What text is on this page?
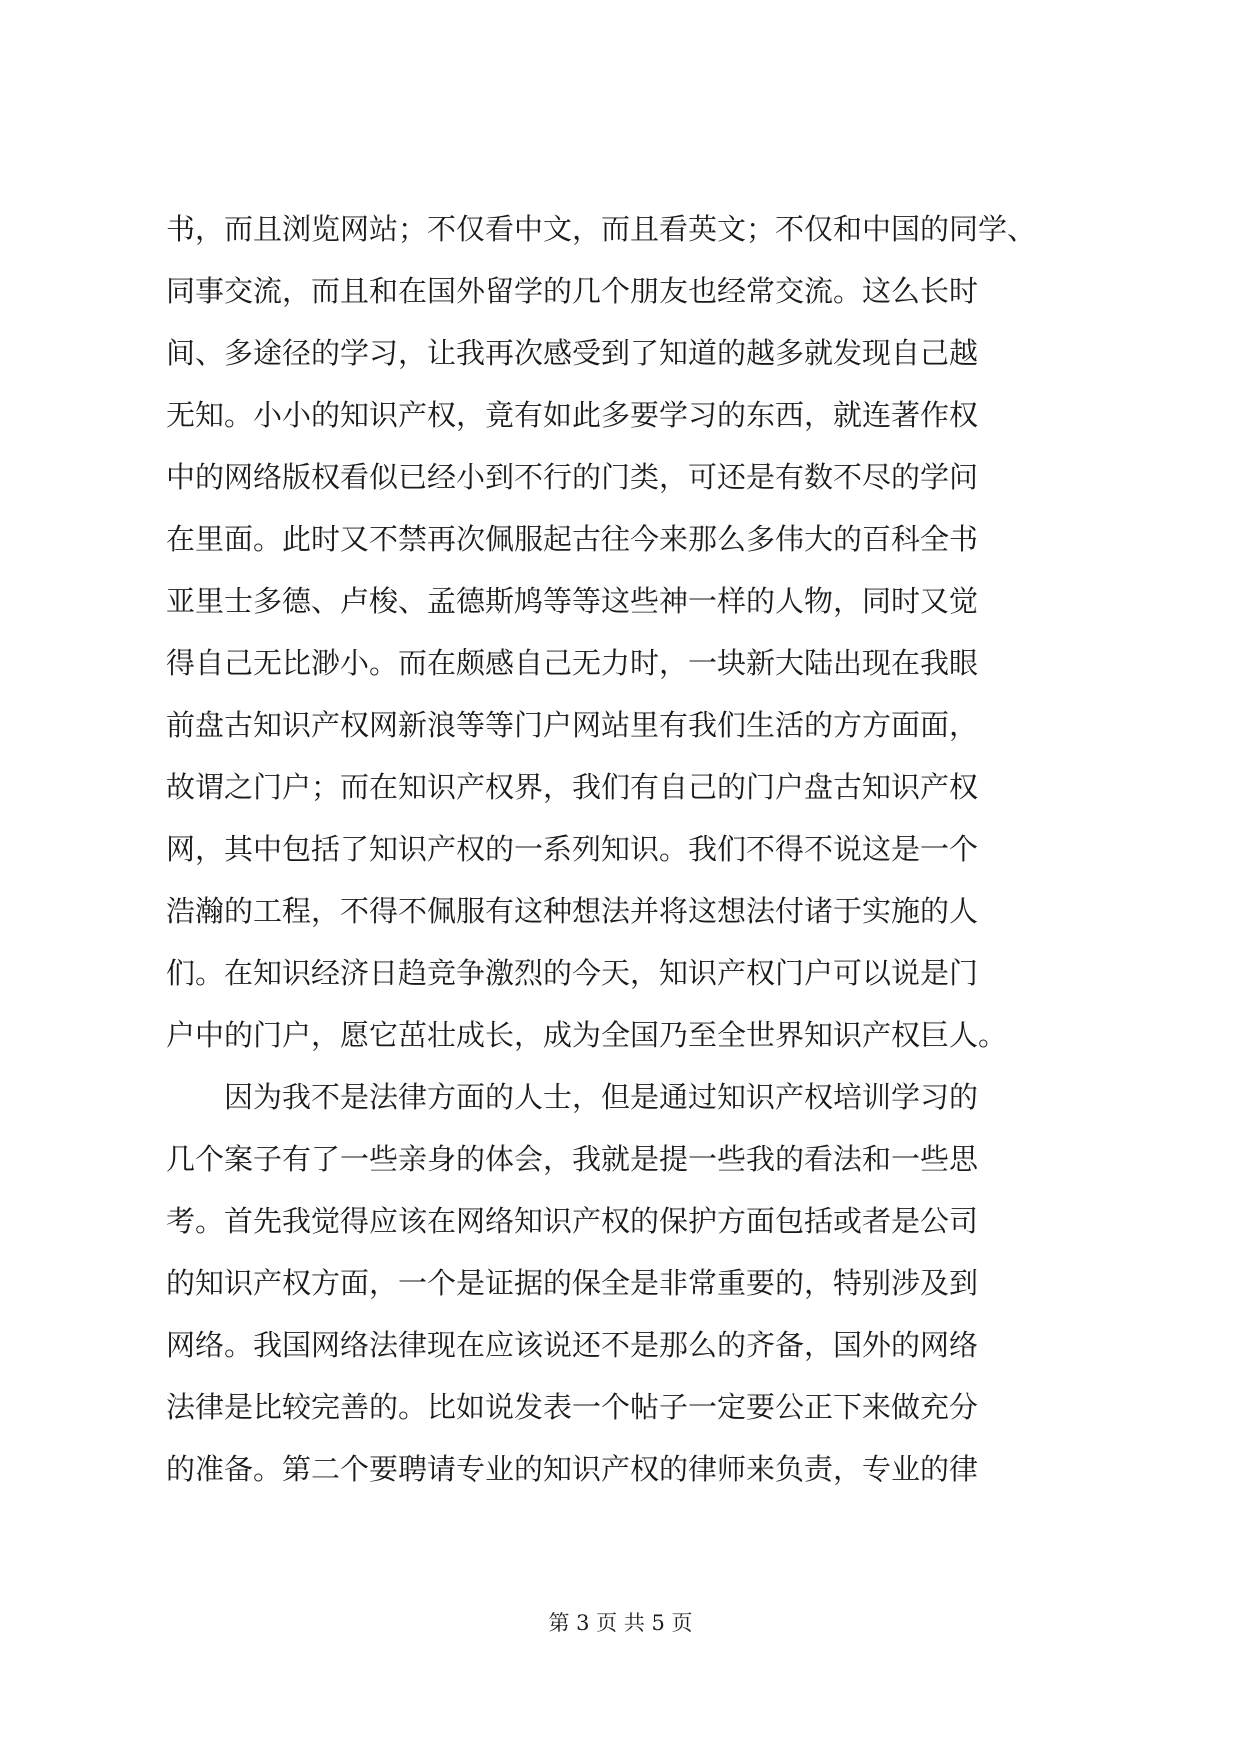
书，而且浏览网站；不仅看中文，而且看英文；不仅和中国的同学、
同事交流，而且和在国外留学的几个朋友也经常交流。这么长时
间、多途径的学习，让我再次感受到了知道的越多就发现自己越
无知。小小的知识产权，竟有如此多要学习的东西，就连著作权
中的网络版权看似已经小到不行的门类，可还是有数不尽的学问
在里面。此时又不禁再次佩服起古往今来那么多伟大的百科全书
亚里士多德、卢梭、孟德斯鸠等等这些神一样的人物，同时又觉
得自己无比渺小。而在颇感自己无力时，一块新大陆出现在我眼
前盘古知识产权网新浪等等门户网站里有我们生活的方方面面，
故谓之门户；而在知识产权界，我们有自己的门户盘古知识产权
网，其中包括了知识产权的一系列知识。我们不得不说这是一个
浩瀚的工程，不得不佩服有这种想法并将这想法付诸于实施的人
们。在知识经济日趋竞争激烈的今天，知识产权门户可以说是门
户中的门户，愿它茁壮成长，成为全国乃至全世界知识产权巨人。
　　因为我不是法律方面的人士，但是通过知识产权培训学习的
几个案子有了一些亲身的体会，我就是提一些我的看法和一些思
考。首先我觉得应该在网络知识产权的保护方面包括或者是公司
的知识产权方面，一个是证据的保全是非常重要的，特别涉及到
网络。我国网络法律现在应该说还不是那么的齐备，国外的网络
法律是比较完善的。比如说发表一个帖子一定要公正下来做充分
的准备。第二个要聘请专业的知识产权的律师来负责，专业的律
第 3 页 共 5 页
